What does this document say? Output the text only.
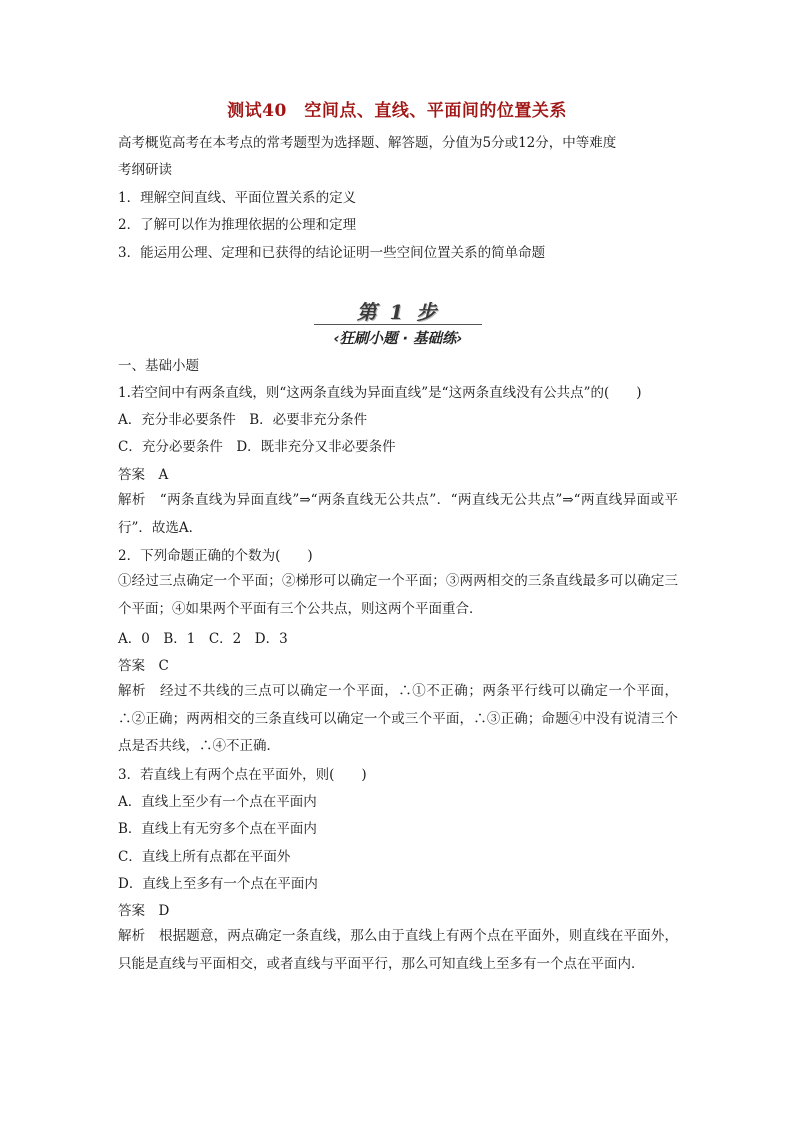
测试40　空间点、直线、平面间的位置关系
高考概览高考在本考点的常考题型为选择题、解答题，分值为5分或12分，中等难度
考纲研读
1．理解空间直线、平面位置关系的定义
2．了解可以作为推理依据的公理和定理
3．能运用公理、定理和已获得的结论证明一些空间位置关系的简单命题
第 1 步
‹狂刷小题 · 基础练›
一、基础小题
1.若空间中有两条直线，则“这两条直线为异面直线”是“这两条直线没有公共点”的(　　)
A．充分非必要条件　B．必要非充分条件
C．充分必要条件　D．既非充分又非必要条件
答案　A
解析　“两条直线为异面直线”⇒“两条直线无公共点”．“两直线无公共点”⇒“两直线异面或平行”．故选A．
2．下列命题正确的个数为(　　)
①经过三点确定一个平面；②梯形可以确定一个平面；③两两相交的三条直线最多可以确定三个平面；④如果两个平面有三个公共点，则这两个平面重合．
A．0　B．1　C．2　D．3
答案　C
解析　经过不共线的三点可以确定一个平面，∴①不正确；两条平行线可以确定一个平面，∴②正确；两两相交的三条直线可以确定一个或三个平面，∴③正确；命题④中没有说清三个点是否共线，∴④不正确．
3．若直线上有两个点在平面外，则(　　)
A．直线上至少有一个点在平面内
B．直线上有无穷多个点在平面内
C．直线上所有点都在平面外
D．直线上至多有一个点在平面内
答案　D
解析　根据题意，两点确定一条直线，那么由于直线上有两个点在平面外，则直线在平面外，只能是直线与平面相交，或者直线与平面平行，那么可知直线上至多有一个点在平面内．
